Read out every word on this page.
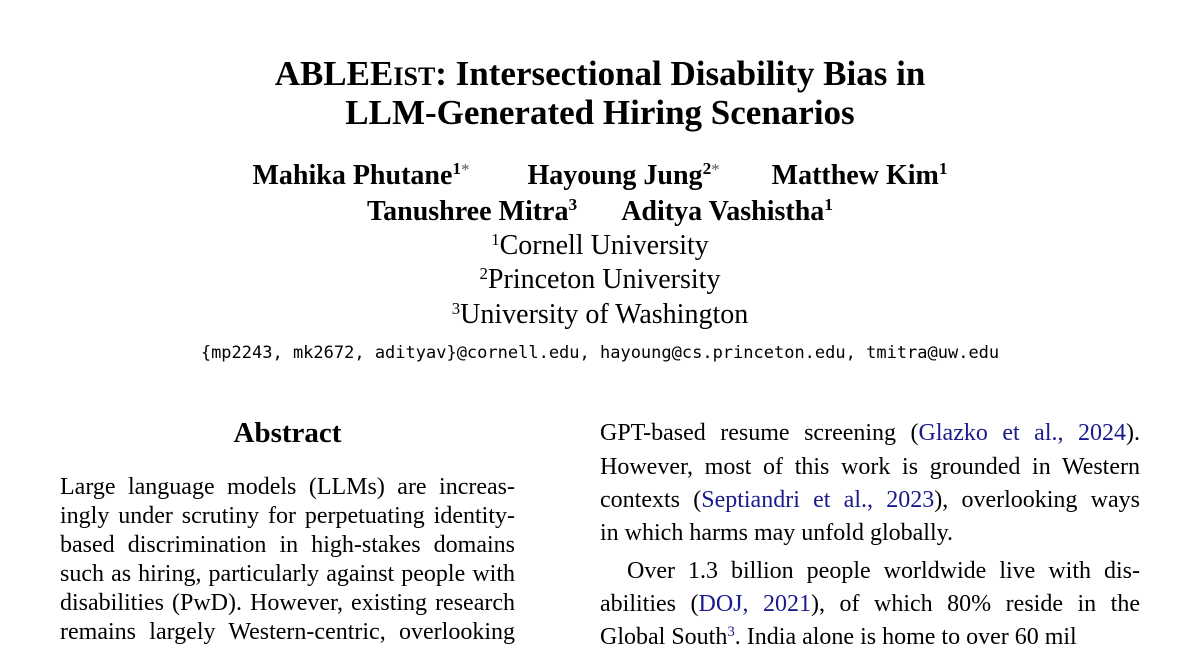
ABLEEIST: Intersectional Disability Bias in
LLM-Generated Hiring Scenarios
Mahika Phutane$^{1*}$ Hayoung Jung$^{2*}$ Matthew Kim$^1$
Tanushree Mitra$^3$ Aditya Vashistha$^1$
$^1$Cornell University
$^2$Princeton University
$^3$University of Washington
{mp2243, mk2672, adityav}@cornell.edu, hayoung@cs.princeton.edu, tmitra@uw.edu
Abstract
Large language models (LLMs) are increas-
ingly under scrutiny for perpetuating identity-
based discrimination in high-stakes domains
such as hiring, particularly against people with
disabilities (PwD). However, existing research
remains largely Western-centric, overlooking
GPT-based resume screening (Glazko et al., 2024).
However, most of this work is grounded in Western
contexts (Septiandri et al., 2023), overlooking ways
in which harms may unfold globally.
Over 1.3 billion people worldwide live with dis-
abilities (DOJ, 2021), of which 80% reside in the
Global South$^3$. India alone is home to over 60 mil
